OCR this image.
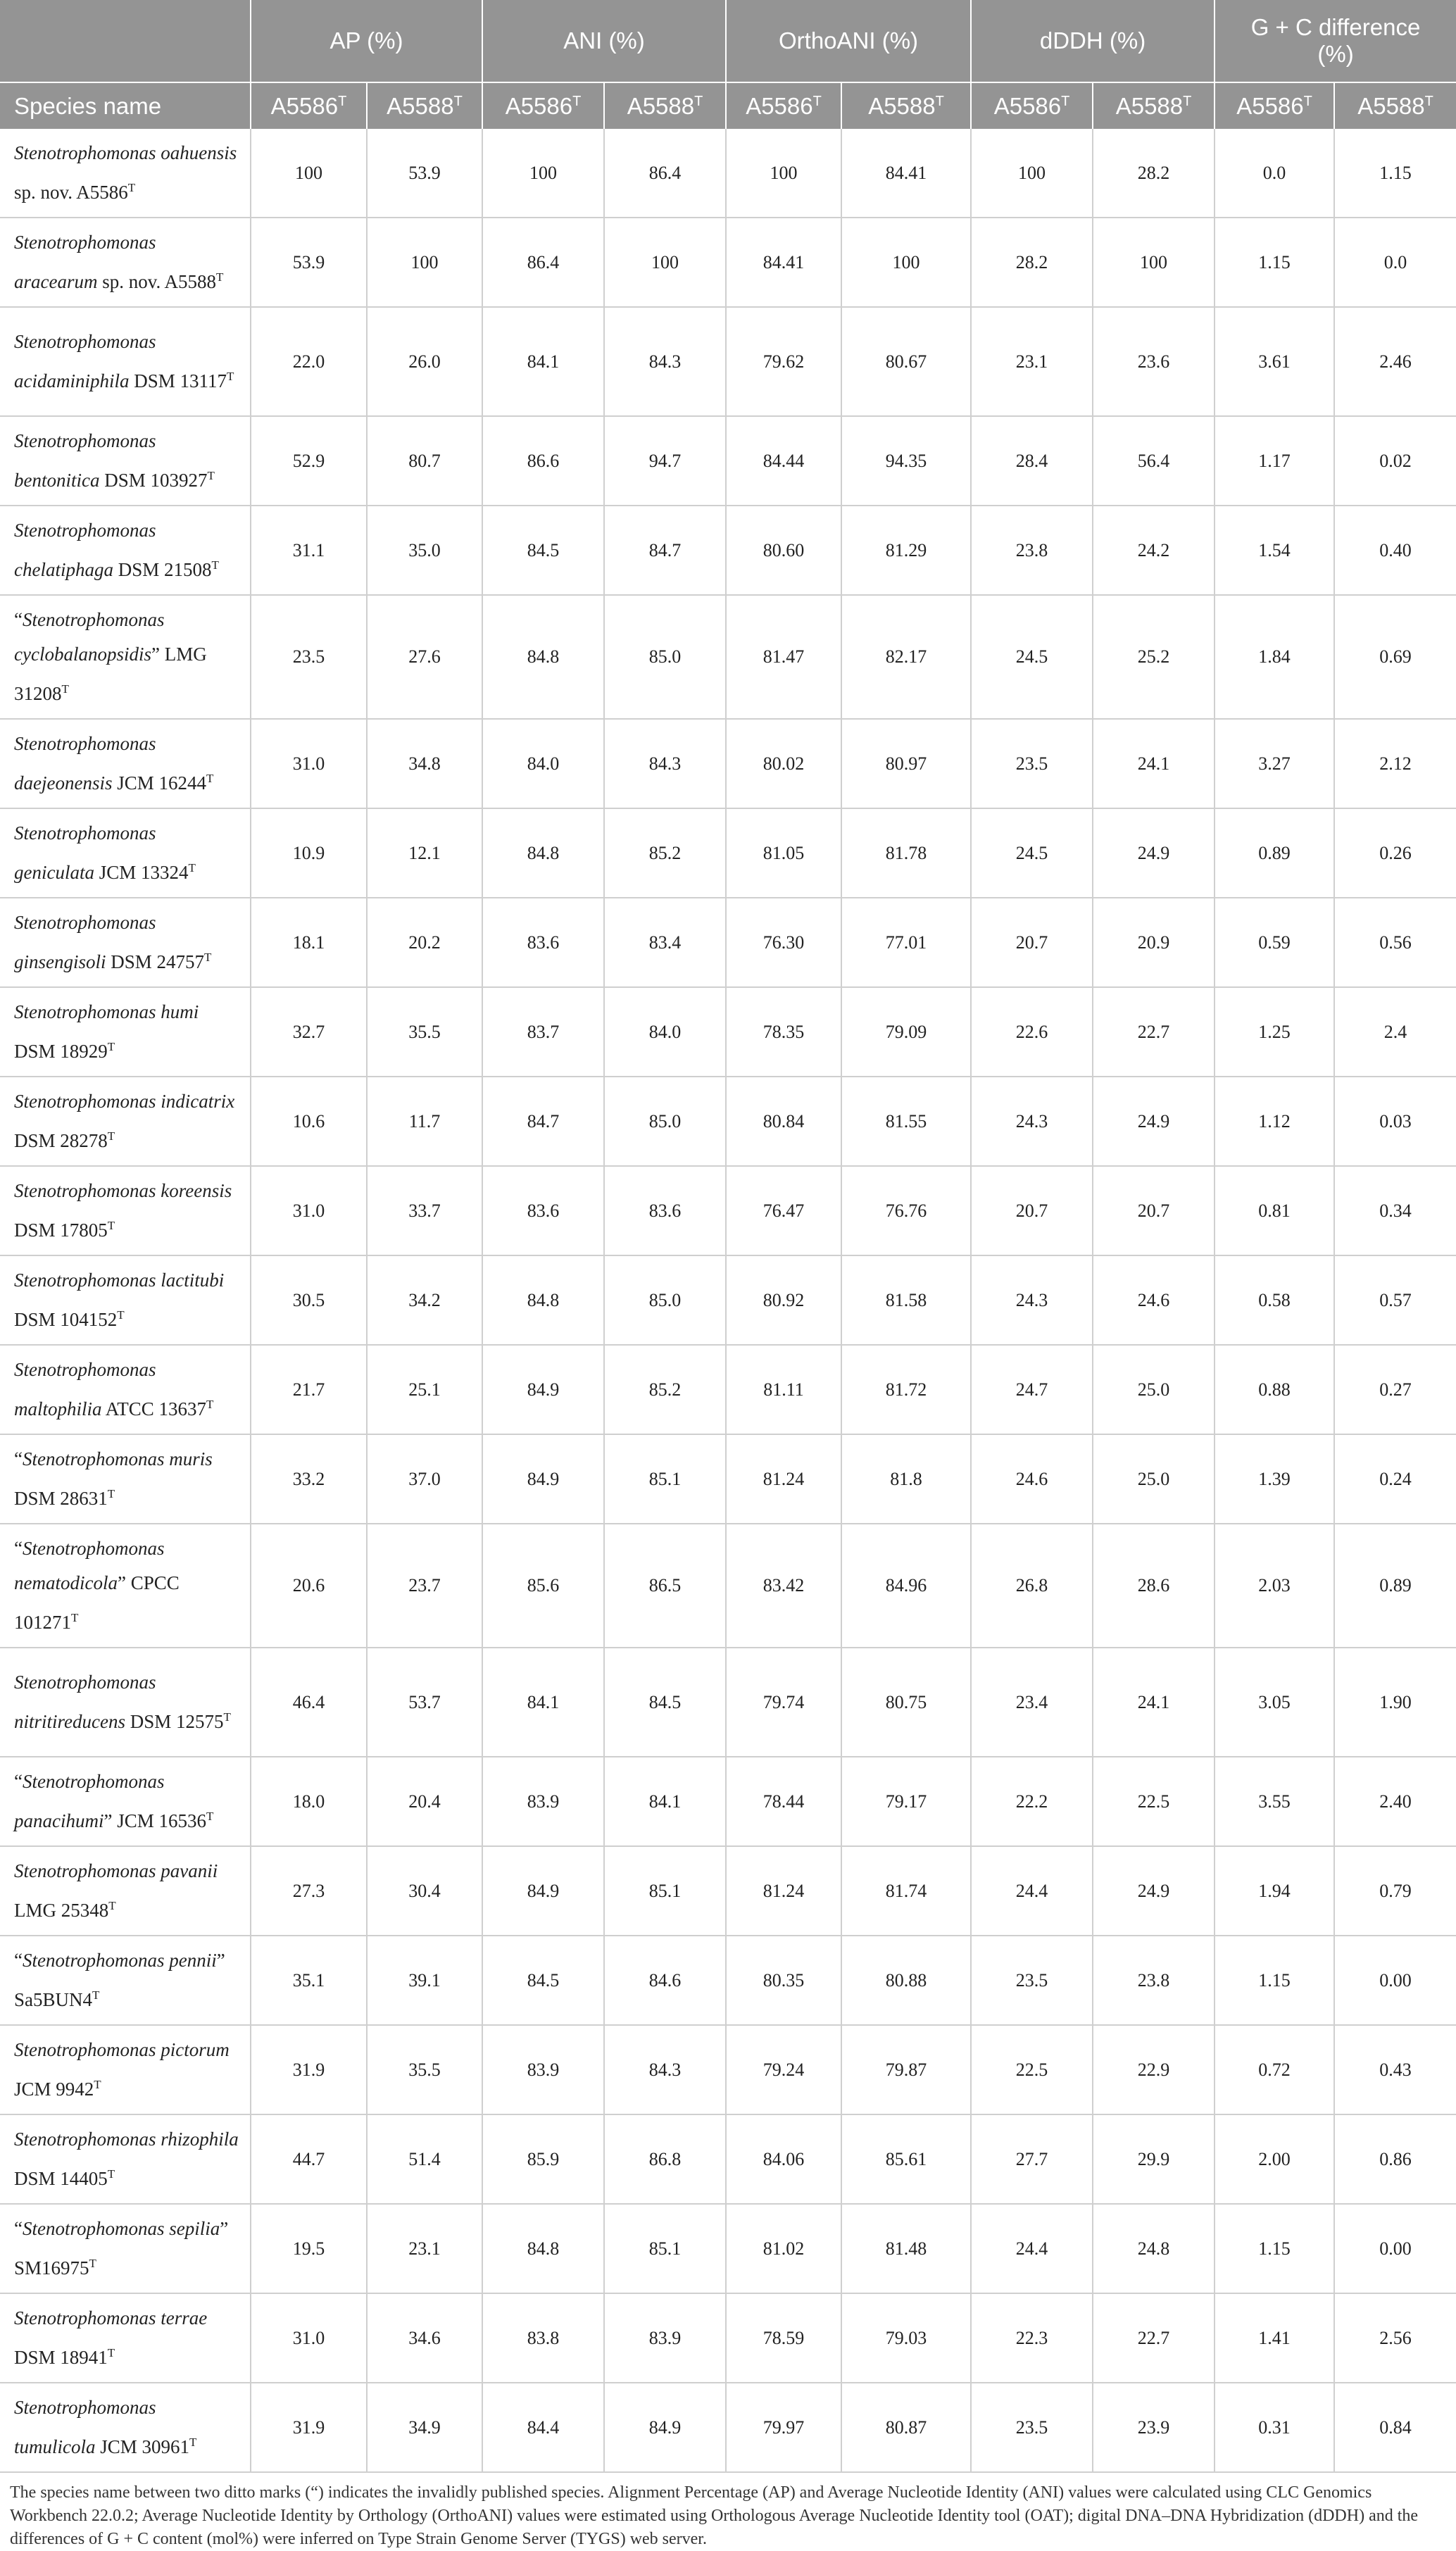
	AP (%)		ANI (%)		OrthoANI (%)		dDDH (%)		G + C difference (%)	
Species name	$A5586^T$	$A5588^T$	$A5586^T$	$A5588^T$	$A5586^T$	$A5588^T$	$A5586^T$	$A5588^T$	$A5586^T$	$A5588^T$
Stenotrophomonas oahuensis sp. nov. $A5586^T$	100	53.9	100	86.4	100	84.41	100	28.2	0.0	1.15
Stenotrophomonas aracearum sp. nov. $A5588^T$	53.9	100	86.4	100	84.41	100	28.2	100	1.15	0.0
Stenotrophomonas acidaminiphila DSM $13117^T$	22.0	26.0	84.1	84.3	79.62	80.67	23.1	23.6	3.61	2.46
Stenotrophomonas bentonitica DSM $103927^T$	52.9	80.7	86.6	94.7	84.44	94.35	28.4	56.4	1.17	0.02
Stenotrophomonas chelatiphaga DSM $21508^T$	31.1	35.0	84.5	84.7	80.60	81.29	23.8	24.2	1.54	0.40
“Stenotrophomonas cyclobalanopsidis” LMG $31208^T$	23.5	27.6	84.8	85.0	81.47	82.17	24.5	25.2	1.84	0.69
Stenotrophomonas daejeonensis JCM $16244^T$	31.0	34.8	84.0	84.3	80.02	80.97	23.5	24.1	3.27	2.12
Stenotrophomonas geniculata JCM $13324^T$	10.9	12.1	84.8	85.2	81.05	81.78	24.5	24.9	0.89	0.26
Stenotrophomonas ginsengisoli DSM $24757^T$	18.1	20.2	83.6	83.4	76.30	77.01	20.7	20.9	0.59	0.56
Stenotrophomonas humi DSM $18929^T$	32.7	35.5	83.7	84.0	78.35	79.09	22.6	22.7	1.25	2.4
Stenotrophomonas indicatrix DSM $28278^T$	10.6	11.7	84.7	85.0	80.84	81.55	24.3	24.9	1.12	0.03
Stenotrophomonas koreensis DSM $17805^T$	31.0	33.7	83.6	83.6	76.47	76.76	20.7	20.7	0.81	0.34
Stenotrophomonas lactitubi DSM $104152^T$	30.5	34.2	84.8	85.0	80.92	81.58	24.3	24.6	0.58	0.57
Stenotrophomonas maltophilia ATCC $13637^T$	21.7	25.1	84.9	85.2	81.11	81.72	24.7	25.0	0.88	0.27
“Stenotrophomonas muris DSM $28631^T$	33.2	37.0	84.9	85.1	81.24	81.8	24.6	25.0	1.39	0.24
“Stenotrophomonas nematodicola” CPCC $101271^T$	20.6	23.7	85.6	86.5	83.42	84.96	26.8	28.6	2.03	0.89
Stenotrophomonas nitritireducens DSM $12575^T$	46.4	53.7	84.1	84.5	79.74	80.75	23.4	24.1	3.05	1.90
“Stenotrophomonas panacihumi” JCM $16536^T$	18.0	20.4	83.9	84.1	78.44	79.17	22.2	22.5	3.55	2.40
Stenotrophomonas pavanii LMG $25348^T$	27.3	30.4	84.9	85.1	81.24	81.74	24.4	24.9	1.94	0.79
“Stenotrophomonas pennii” $Sa5BUN4^T$	35.1	39.1	84.5	84.6	80.35	80.88	23.5	23.8	1.15	0.00
Stenotrophomonas pictorum JCM $9942^T$	31.9	35.5	83.9	84.3	79.24	79.87	22.5	22.9	0.72	0.43
Stenotrophomonas rhizophila DSM $14405^T$	44.7	51.4	85.9	86.8	84.06	85.61	27.7	29.9	2.00	0.86
“Stenotrophomonas sepilia” $SM16975^T$	19.5	23.1	84.8	85.1	81.02	81.48	24.4	24.8	1.15	0.00
Stenotrophomonas terrae DSM $18941^T$	31.0	34.6	83.8	83.9	78.59	79.03	22.3	22.7	1.41	2.56
Stenotrophomonas tumulicola JCM $30961^T$	31.9	34.9	84.4	84.9	79.97	80.87	23.5	23.9	0.31	0.84
The species name between two ditto marks (“) indicates the invalidly published species. Alignment Percentage (AP) and Average Nucleotide Identity (ANI) values were calculated using CLC Genomics Workbench 22.0.2; Average Nucleotide Identity by Orthology (OrthoANI) values were estimated using Orthologous Average Nucleotide Identity tool (OAT); digital DNA–DNA Hybridization (dDDH) and the differences of G + C content (mol%) were inferred on Type Strain Genome Server (TYGS) web server.
